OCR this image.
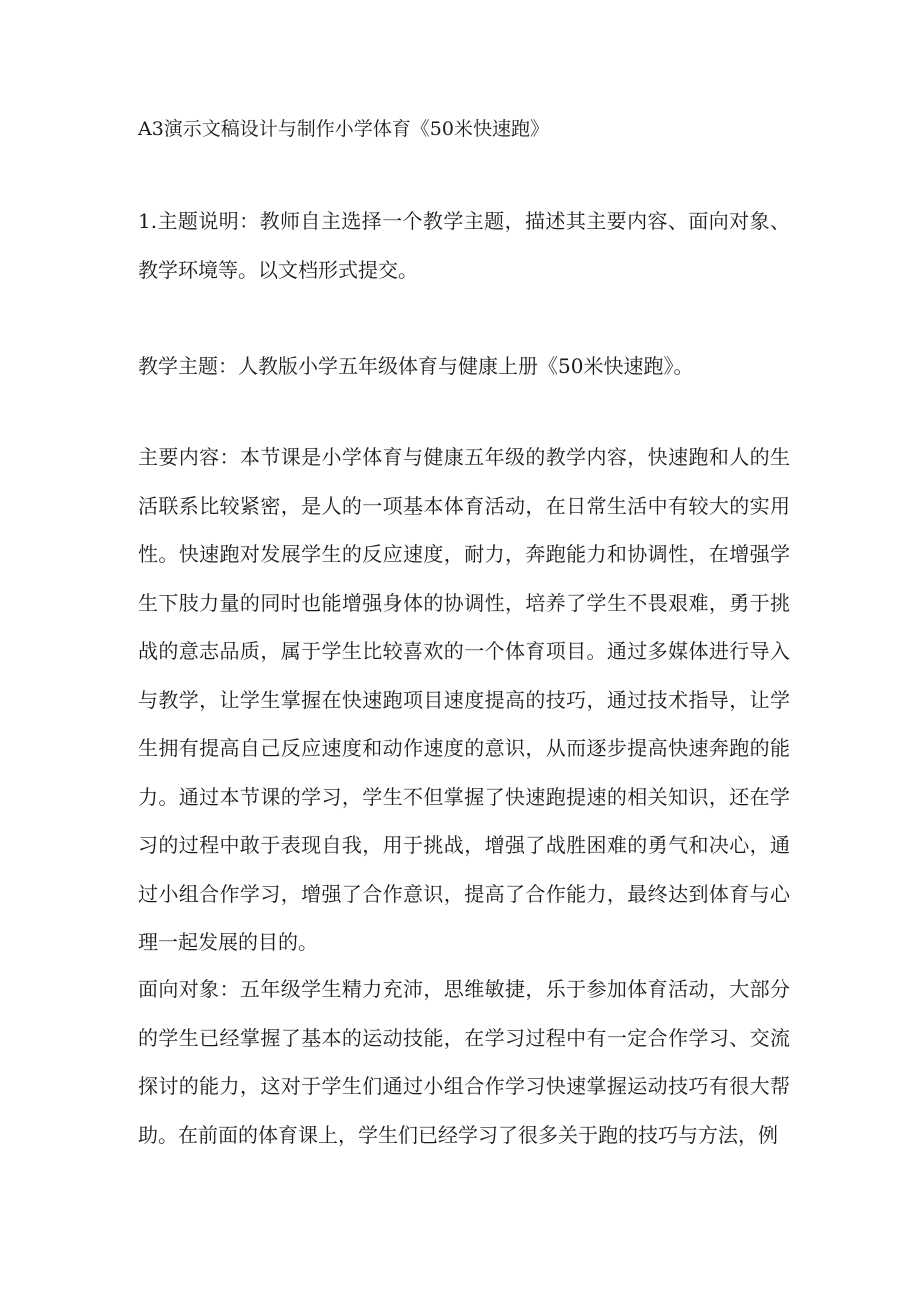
A3演示文稿设计与制作小学体育《50米快速跑》
1.主题说明：教师自主选择一个教学主题，描述其主要内容、面向对象、教学环境等。以文档形式提交。
教学主题：人教版小学五年级体育与健康上册《50米快速跑》。
主要内容：本节课是小学体育与健康五年级的教学内容，快速跑和人的生活联系比较紧密，是人的一项基本体育活动，在日常生活中有较大的实用性。快速跑对发展学生的反应速度，耐力，奔跑能力和协调性，在增强学生下肢力量的同时也能增强身体的协调性，培养了学生不畏艰难，勇于挑战的意志品质，属于学生比较喜欢的一个体育项目。通过多媒体进行导入与教学，让学生掌握在快速跑项目速度提高的技巧，通过技术指导，让学生拥有提高自己反应速度和动作速度的意识，从而逐步提高快速奔跑的能力。通过本节课的学习，学生不但掌握了快速跑提速的相关知识，还在学习的过程中敢于表现自我，用于挑战，增强了战胜困难的勇气和决心，通过小组合作学习，增强了合作意识，提高了合作能力，最终达到体育与心理一起发展的目的。
面向对象：五年级学生精力充沛，思维敏捷，乐于参加体育活动，大部分的学生已经掌握了基本的运动技能，在学习过程中有一定合作学习、交流探讨的能力，这对于学生们通过小组合作学习快速掌握运动技巧有很大帮助。在前面的体育课上，学生们已经学习了很多关于跑的技巧与方法，例
